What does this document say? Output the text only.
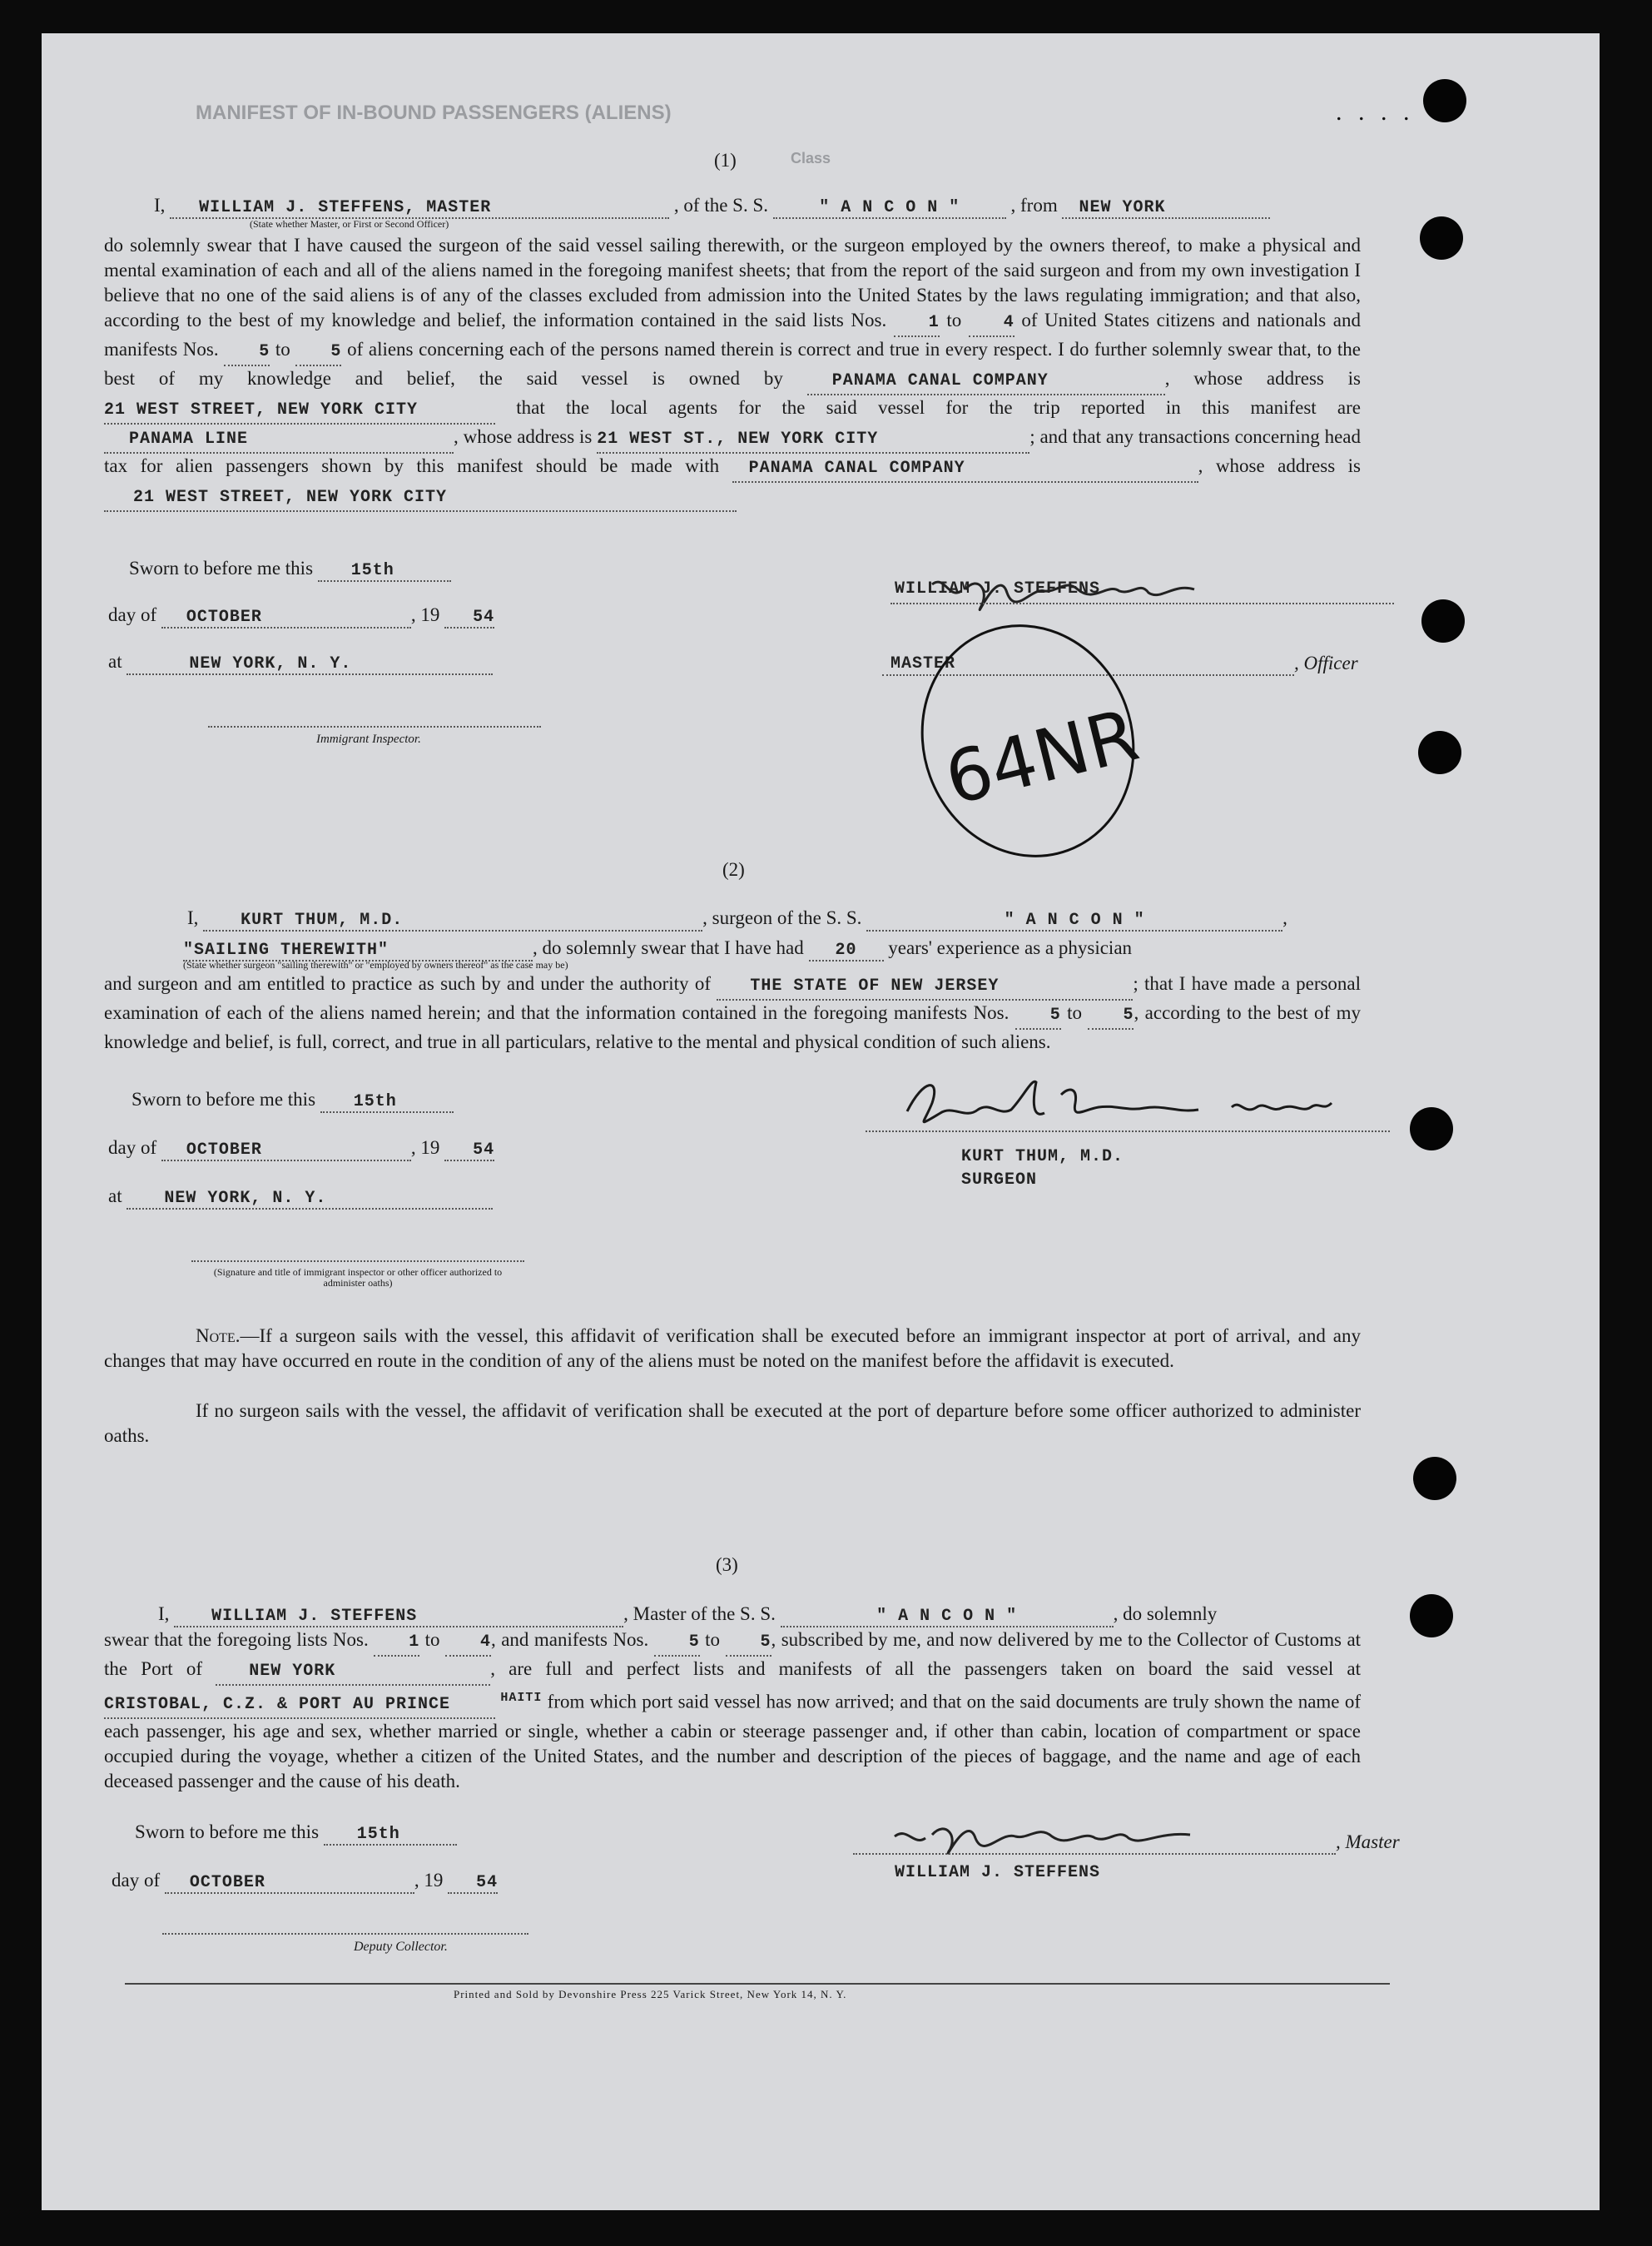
. . . .
MANIFEST OF IN-BOUND PASSENGERS (ALIENS)
Class
(1)
I, WILLIAM J. STEFFENS, MASTER	, of the S. S.	" A N C O N "	, from NEW YORK
(State whether Master, or First or Second Officer)
do solemnly swear that I have caused the surgeon of the said vessel sailing therewith, or the surgeon employed by the owners thereof, to make a physical and mental examination of each and all of the aliens named in the foregoing manifest sheets; that from the report of the said surgeon and from my own investigation I believe that no one of the said aliens is of any of the classes excluded from admission into the United States by the laws regulating immigration; and that also, according to the best of my knowledge and belief, the information contained in the said lists Nos.	1 to	4 of United States citizens and nationals and manifests Nos. 5 to 5 of aliens concerning each of the persons named therein is correct and true in every respect. I do further solemnly swear that, to the best of my knowledge and belief, the said vessel is owned by	PANAMA CANAL COMPANY	, whose address is 21 WEST STREET, NEW YORK CITY	that the local agents for the said vessel for the trip reported in this manifest are PANAMA LINE	, whose address is 21 WEST ST., NEW YORK CITY	; and that any transactions concerning head tax for alien passengers shown by this manifest should be made with PANAMA CANAL COMPANY	, whose address is 21 WEST STREET, NEW YORK CITY
Sworn to before me this 15th
day of OCTOBER	, 19 54
at	NEW YORK, N. Y.
Immigrant Inspector.
WILLIAM J. STEFFENS
MASTER	, Officer
64NR
(2)
I,	KURT THUM, M.D.	, surgeon of the S. S.	" A N C O N "	,
"SAILING THEREWITH"	, do solemnly swear that I have had 20 years' experience as a physician
(State whether surgeon "sailing therewith" or "employed by owners thereof" as the case may be)
and surgeon and am entitled to practice as such by and under the authority of THE STATE OF NEW JERSEY	; that I have made a personal examination of each of the aliens named herein; and that the information contained in the foregoing manifests Nos. 5 to 5, according to the best of my knowledge and belief, is full, correct, and true in all particulars, relative to the mental and physical condition of such aliens.
Sworn to before me this 15th
day of OCTOBER	, 19 54
at	NEW YORK, N. Y.
(Signature and title of immigrant inspector or other officer authorized to administer oaths)
KURT THUM, M.D.
SURGEON
Note.—If a surgeon sails with the vessel, this affidavit of verification shall be executed before an immigrant inspector at port of arrival, and any changes that may have occurred en route in the condition of any of the aliens must be noted on the manifest before the affidavit is executed.
If no surgeon sails with the vessel, the affidavit of verification shall be executed at the port of departure before some officer authorized to administer oaths.
(3)
I,	WILLIAM J. STEFFENS	, Master of the S. S.	" A N C O N "	, do solemnly
swear that the foregoing lists Nos. 1 to 4, and manifests Nos. 5 to 5, subscribed by me, and now delivered by me to the Collector of Customs at the Port of	NEW YORK	, are full and perfect lists and manifests of all the passengers taken on board the said vessel at CRISTOBAL, C.Z. & PORT AU PRINCE	$^{HAITI}$ from which port said vessel has now arrived; and that on the said documents are truly shown the name of each passenger, his age and sex, whether married or single, whether a cabin or steerage passenger and, if other than cabin, location of compartment or space occupied during the voyage, whether a citizen of the United States, and the number and description of the pieces of baggage, and the name and age of each deceased passenger and the cause of his death.
Sworn to before me this 15th
day of OCTOBER	, 19 54
Deputy Collector.
WILLIAM J. STEFFENS
, Master
Printed and Sold by Devonshire Press 225 Varick Street, New York 14, N. Y.
